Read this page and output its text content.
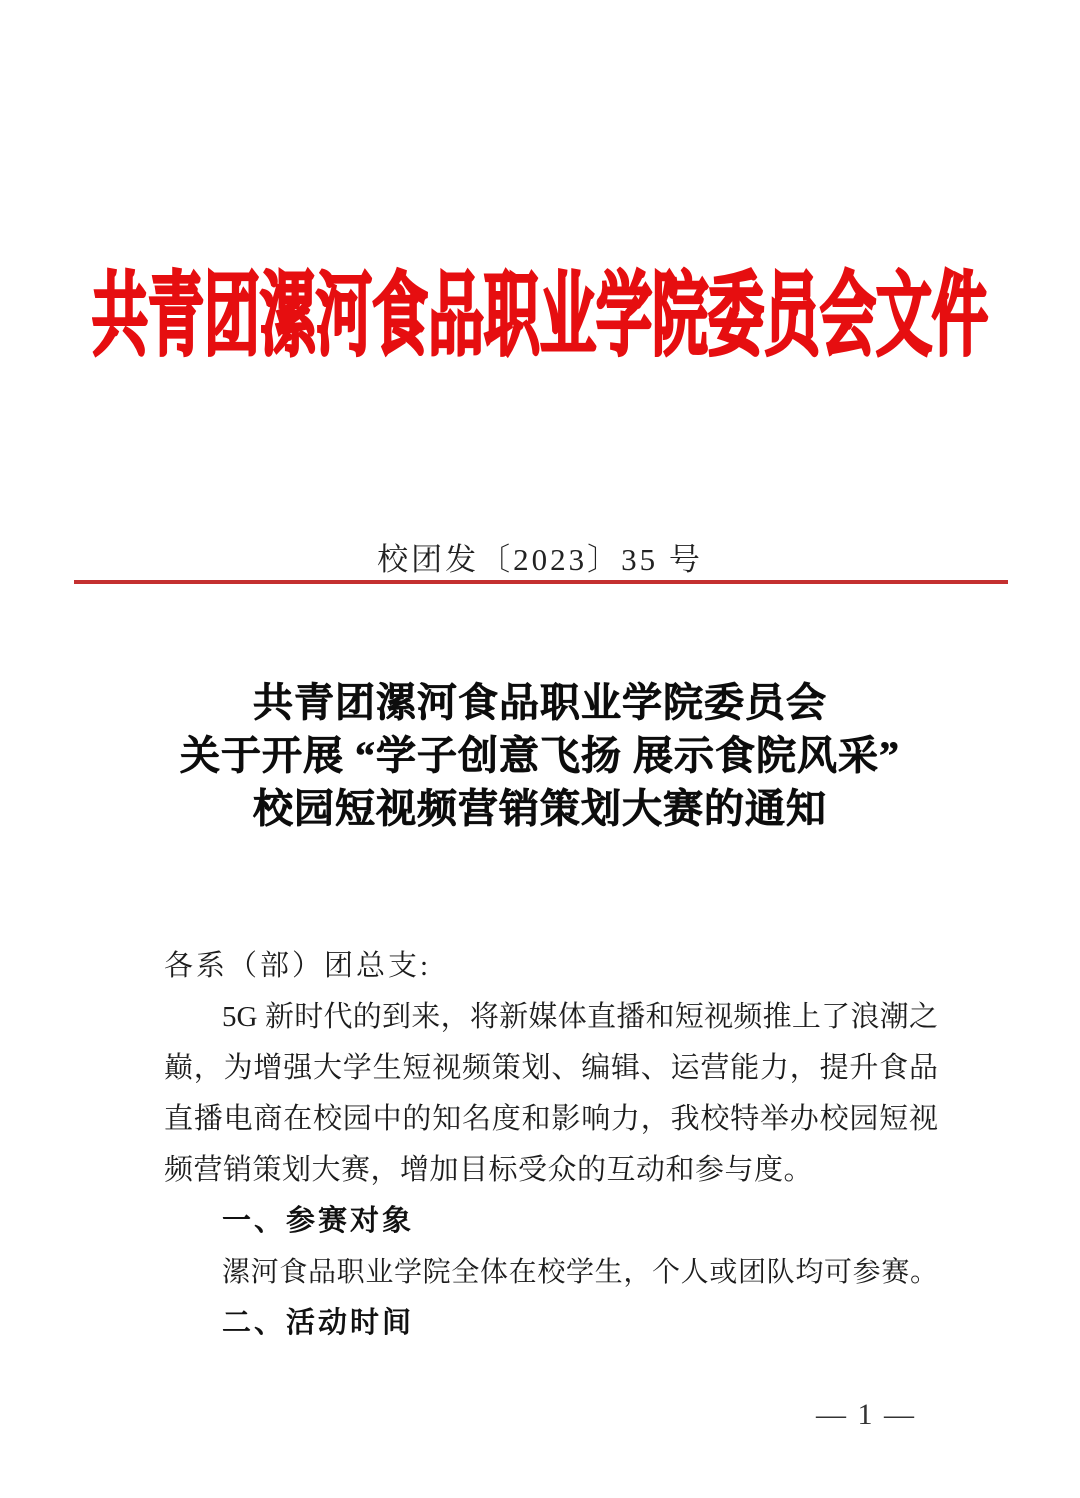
共青团漯河食品职业学院委员会文件
校团发〔2023〕35 号
共青团漯河食品职业学院委员会
关于开展 “学子创意飞扬 展示食院风采”
校园短视频营销策划大赛的通知
各系（部）团总支:
5G 新时代的到来，将新媒体直播和短视频推上了浪潮之
巅，为增强大学生短视频策划、编辑、运营能力，提升食品
直播电商在校园中的知名度和影响力，我校特举办校园短视
频营销策划大赛，增加目标受众的互动和参与度。
一、参赛对象
漯河食品职业学院全体在校学生，个人或团队均可参赛。
二、活动时间
— 1 —
